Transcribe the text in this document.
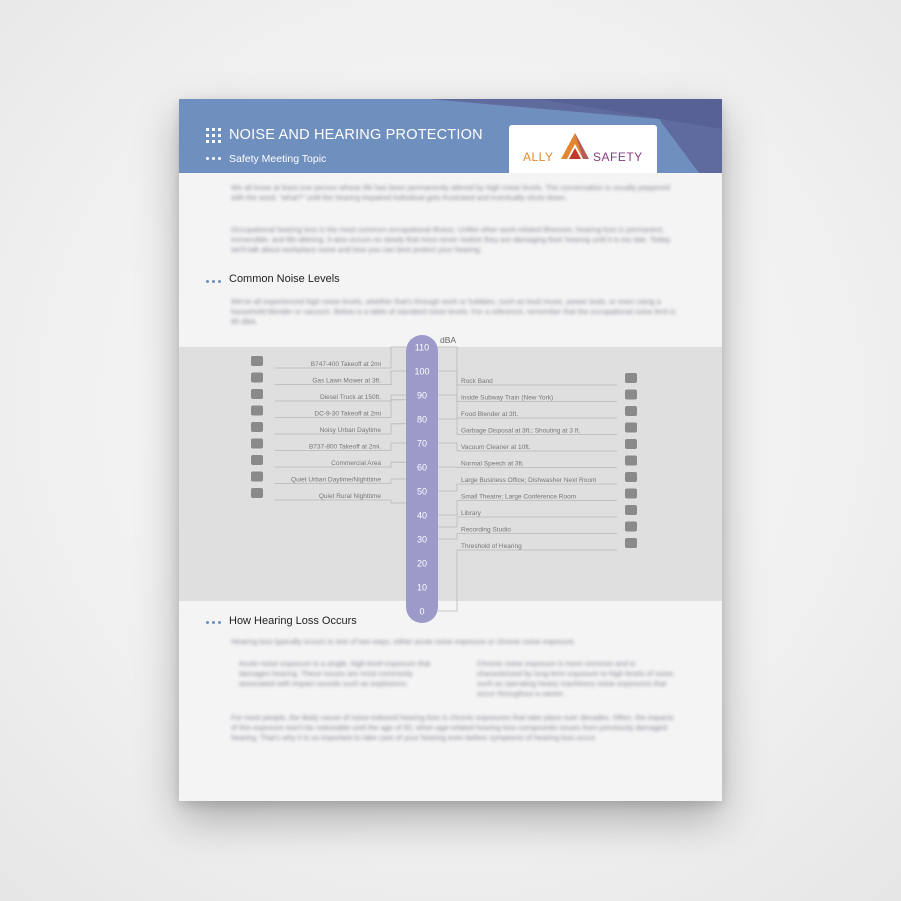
NOISE AND HEARING PROTECTION
Safety Meeting Topic	ALLY	SAFETY
We all know at least one person whose life has been permanently altered by high noise levels. The conversation is usually peppered with the word, "what?" until the hearing impaired individual gets frustrated and eventually shuts down.
Occupational hearing loss is the most common occupational illness. Unlike other work-related illnesses, hearing loss is permanent, irreversible, and life-altering. It also occurs so slowly that most never realize they are damaging their hearing until it is too late. Today, we'll talk about workplace noise and how you can best protect your hearing.
Common Noise Levels
We've all experienced high noise levels, whether that's through work or hobbies, such as loud music, power tools, or even using a household blender or vacuum. Below is a table of standard noise levels. For a reference, remember that the occupational noise limit is 85 dBA.
dBA
110
100
90
80
70
60
50
40
30
20
10
0
B747-400 Takeoff at 2mi
Gas Lawn Mower at 3ft.
Diesel Truck at 150ft.
DC-9-30 Takeoff at 2mi
Noisy Urban Daytime
B737-800 Takeoff at 2mi.
Commercial Area
Quiet Urban Daytime/Nighttime
Quiet Rural Nighttime
Rock Band
Inside Subway Train (New York)
Food Blender at 3ft.
Garbage Disposal at 3ft.; Shouting at 3 ft.
Vacuum Cleaner at 10ft.
Normal Speech at 3ft.
Large Business Office; Dishwasher Next Room
Small Theatre; Large Conference Room
Library
Recording Studio
Threshold of Hearing
How Hearing Loss Occurs
Hearing loss typically occurs in one of two ways, either acute noise exposure or chronic noise exposure.
Acute noise exposure is a single, high-level exposure that damages hearing. These issues are most commonly associated with impact sounds such as explosions.
Chronic noise exposure is more common and is characterized by long-term exposure to high levels of noise, such as operating heavy machinery noise exposures that occur throughout a career.
For most people, the likely cause of noise-induced hearing loss is chronic exposures that take place over decades. Often, the impacts of this exposure won't be noticeable until the age of 50, when age-related hearing loss compounds issues from previously damaged hearing. That's why it is so important to take care of your hearing even before symptoms of hearing loss occur.
